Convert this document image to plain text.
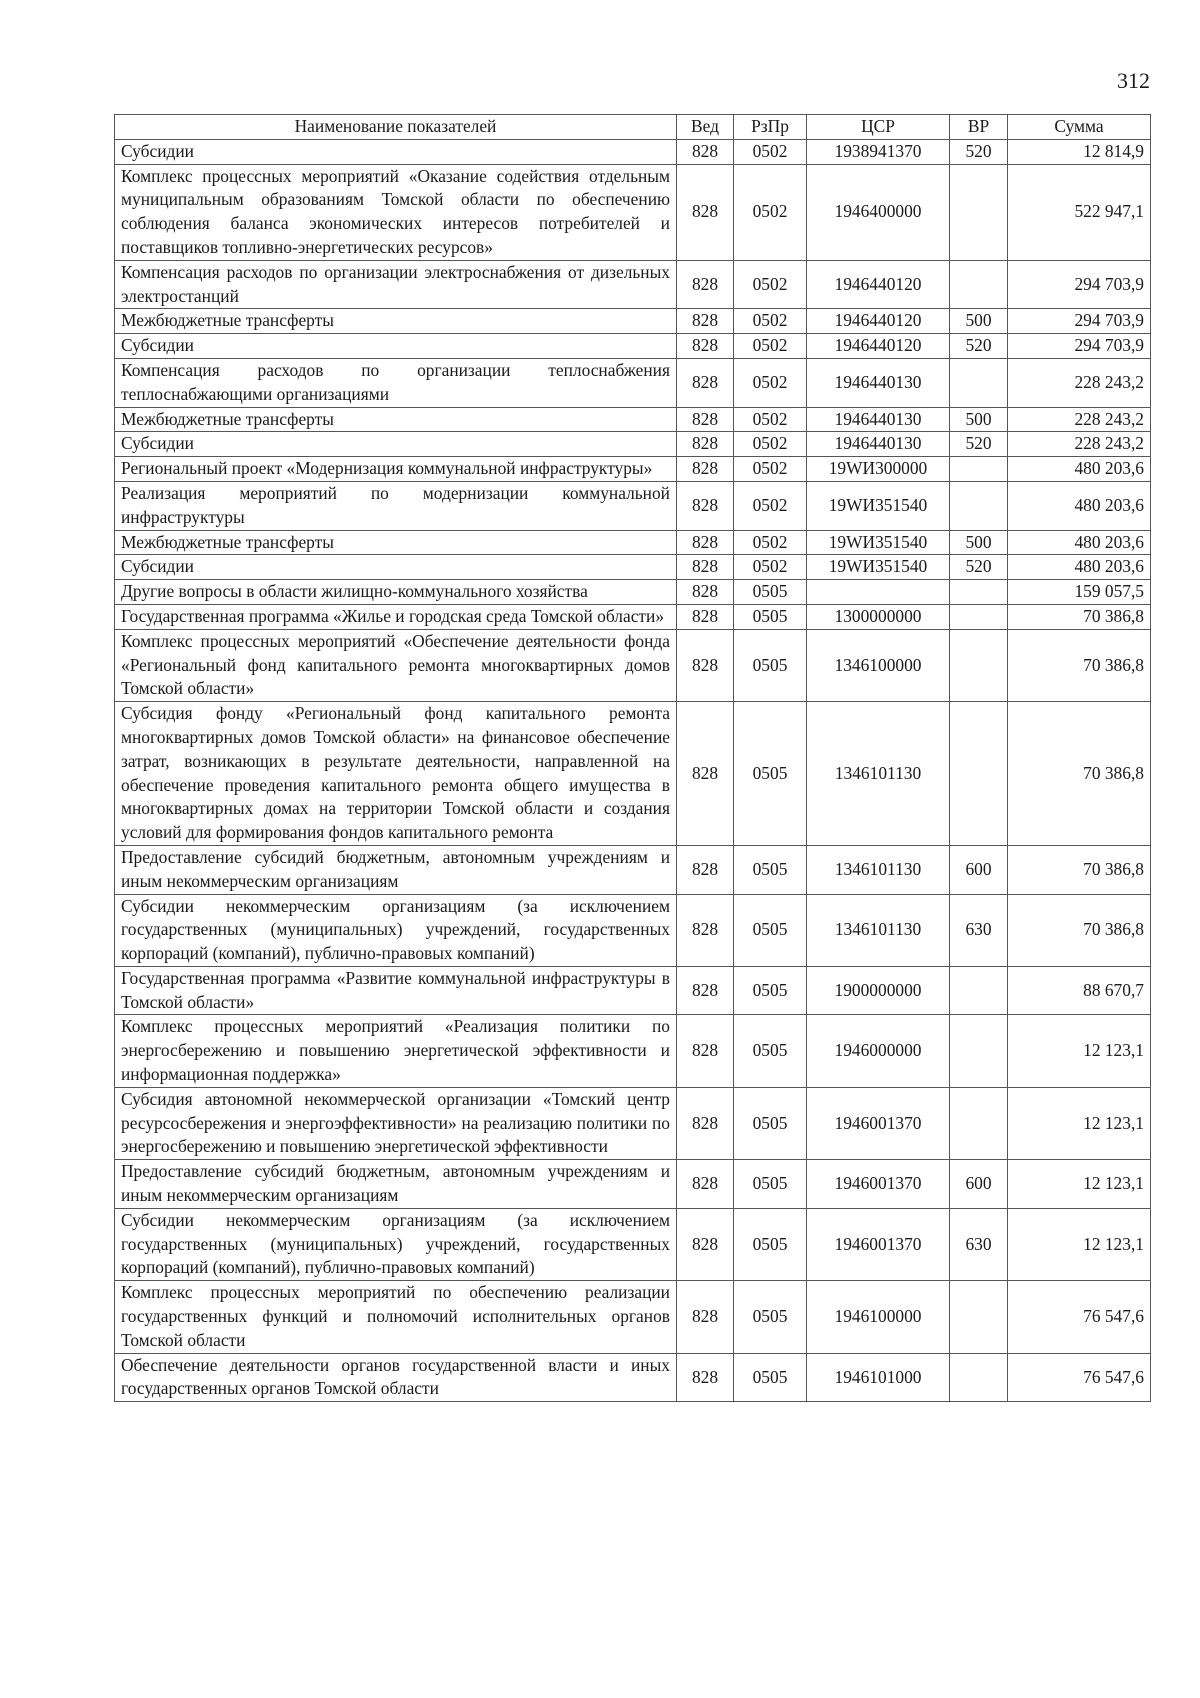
312
Наименование показателей	Вед	РзПр	ЦСР	ВР	Сумма
Субсидии	828	0502	1938941370	520	12 814,9
Комплекс процессных мероприятий «Оказание содействия отдельным муниципальным образованиям Томской области по обеспечению соблюдения баланса экономических интересов потребителей и поставщиков топливно-энергетических ресурсов»	828	0502	1946400000		522 947,1
Компенсация расходов по организации электроснабжения от дизельных электростанций	828	0502	1946440120		294 703,9
Межбюджетные трансферты	828	0502	1946440120	500	294 703,9
Субсидии	828	0502	1946440120	520	294 703,9
Компенсация расходов по организации теплоснабжения теплоснабжающими организациями	828	0502	1946440130		228 243,2
Межбюджетные трансферты	828	0502	1946440130	500	228 243,2
Субсидии	828	0502	1946440130	520	228 243,2
Региональный проект «Модернизация коммунальной инфраструктуры»	828	0502	19WИ300000		480 203,6
Реализация мероприятий по модернизации коммунальной инфраструктуры	828	0502	19WИ351540		480 203,6
Межбюджетные трансферты	828	0502	19WИ351540	500	480 203,6
Субсидии	828	0502	19WИ351540	520	480 203,6
Другие вопросы в области жилищно-коммунального хозяйства	828	0505			159 057,5
Государственная программа «Жилье и городская среда Томской области»	828	0505	1300000000		70 386,8
Комплекс процессных мероприятий «Обеспечение деятельности фонда «Региональный фонд капитального ремонта многоквартирных домов Томской области»	828	0505	1346100000		70 386,8
Субсидия фонду «Региональный фонд капитального ремонта многоквартирных домов Томской области» на финансовое обеспечение затрат, возникающих в результате деятельности, направленной на обеспечение проведения капитального ремонта общего имущества в многоквартирных домах на территории Томской области и создания условий для формирования фондов капитального ремонта	828	0505	1346101130		70 386,8
Предоставление субсидий бюджетным, автономным учреждениям и иным некоммерческим организациям	828	0505	1346101130	600	70 386,8
Субсидии некоммерческим организациям (за исключением государственных (муниципальных) учреждений, государственных корпораций (компаний), публично-правовых компаний)	828	0505	1346101130	630	70 386,8
Государственная программа «Развитие коммунальной инфраструктуры в Томской области»	828	0505	1900000000		88 670,7
Комплекс процессных мероприятий «Реализация политики по энергосбережению и повышению энергетической эффективности и информационная поддержка»	828	0505	1946000000		12 123,1
Субсидия автономной некоммерческой организации «Томский центр ресурсосбережения и энергоэффективности» на реализацию политики по энергосбережению и повышению энергетической эффективности	828	0505	1946001370		12 123,1
Предоставление субсидий бюджетным, автономным учреждениям и иным некоммерческим организациям	828	0505	1946001370	600	12 123,1
Субсидии некоммерческим организациям (за исключением государственных (муниципальных) учреждений, государственных корпораций (компаний), публично-правовых компаний)	828	0505	1946001370	630	12 123,1
Комплекс процессных мероприятий по обеспечению реализации государственных функций и полномочий исполнительных органов Томской области	828	0505	1946100000		76 547,6
Обеспечение деятельности органов государственной власти и иных государственных органов Томской области	828	0505	1946101000		76 547,6
